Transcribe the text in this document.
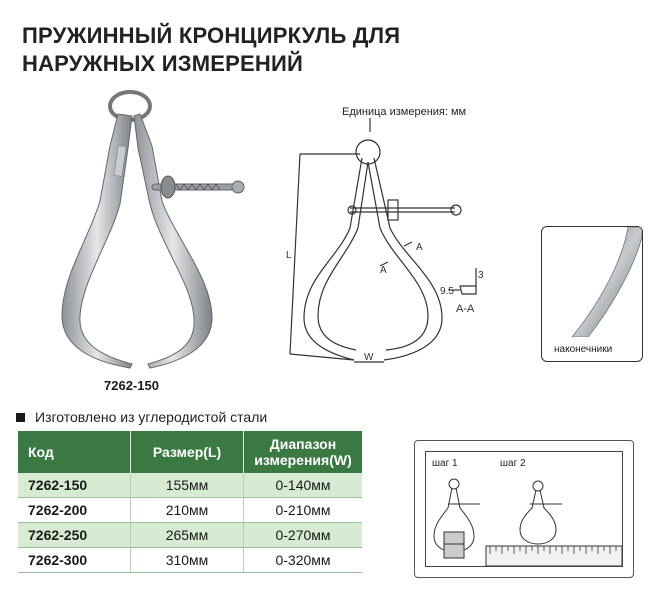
ПРУЖИННЫЙ КРОНЦИРКУЛЬ ДЛЯ
НАРУЖНЫХ ИЗМЕРЕНИЙ
7262-150
Единица измерения: мм
L
W
A
A
9.5
3
A-A
наконечники
Изготовлено из углеродистой стали
Код	Размер(L)	Диапазон измерения(W)
7262-150	155мм	0-140мм
7262-200	210мм	0-210мм
7262-250	265мм	0-270мм
7262-300	310мм	0-320мм
шаг 1	шаг 2
